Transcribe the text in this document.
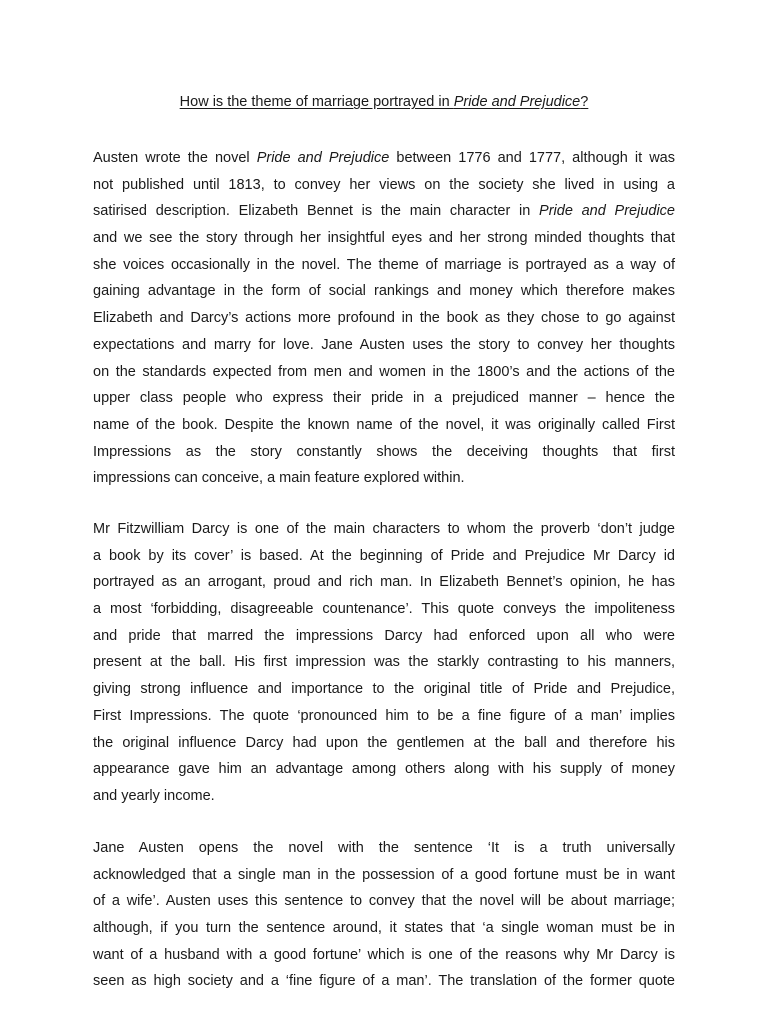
How is the theme of marriage portrayed in Pride and Prejudice?
Austen wrote the novel Pride and Prejudice between 1776 and 1777, although it was
not published until 1813, to convey her views on the society she lived in using a
satirised description. Elizabeth Bennet is the main character in Pride and Prejudice
and we see the story through her insightful eyes and her strong minded thoughts that
she voices occasionally in the novel. The theme of marriage is portrayed as a way of
gaining advantage in the form of social rankings and money which therefore makes
Elizabeth and Darcy’s actions more profound in the book as they chose to go against
expectations and marry for love. Jane Austen uses the story to convey her thoughts
on the standards expected from men and women in the 1800’s and the actions of the
upper class people who express their pride in a prejudiced manner – hence the
name of the book. Despite the known name of the novel, it was originally called First
Impressions as the story constantly shows the deceiving thoughts that first
impressions can conceive, a main feature explored within.
Mr Fitzwilliam Darcy is one of the main characters to whom the proverb ‘don’t judge
a book by its cover’ is based. At the beginning of Pride and Prejudice Mr Darcy id
portrayed as an arrogant, proud and rich man. In Elizabeth Bennet’s opinion, he has
a most ‘forbidding, disagreeable countenance’. This quote conveys the impoliteness
and pride that marred the impressions Darcy had enforced upon all who were
present at the ball. His first impression was the starkly contrasting to his manners,
giving strong influence and importance to the original title of Pride and Prejudice,
First Impressions. The quote ‘pronounced him to be a fine figure of a man’ implies
the original influence Darcy had upon the gentlemen at the ball and therefore his
appearance gave him an advantage among others along with his supply of money
and yearly income.
Jane Austen opens the novel with the sentence ‘It is a truth universally
acknowledged that a single man in the possession of a good fortune must be in want
of a wife’. Austen uses this sentence to convey that the novel will be about marriage;
although, if you turn the sentence around, it states that ‘a single woman must be in
want of a husband with a good fortune’ which is one of the reasons why Mr Darcy is
seen as high society and a ‘fine figure of a man’. The translation of the former quote
